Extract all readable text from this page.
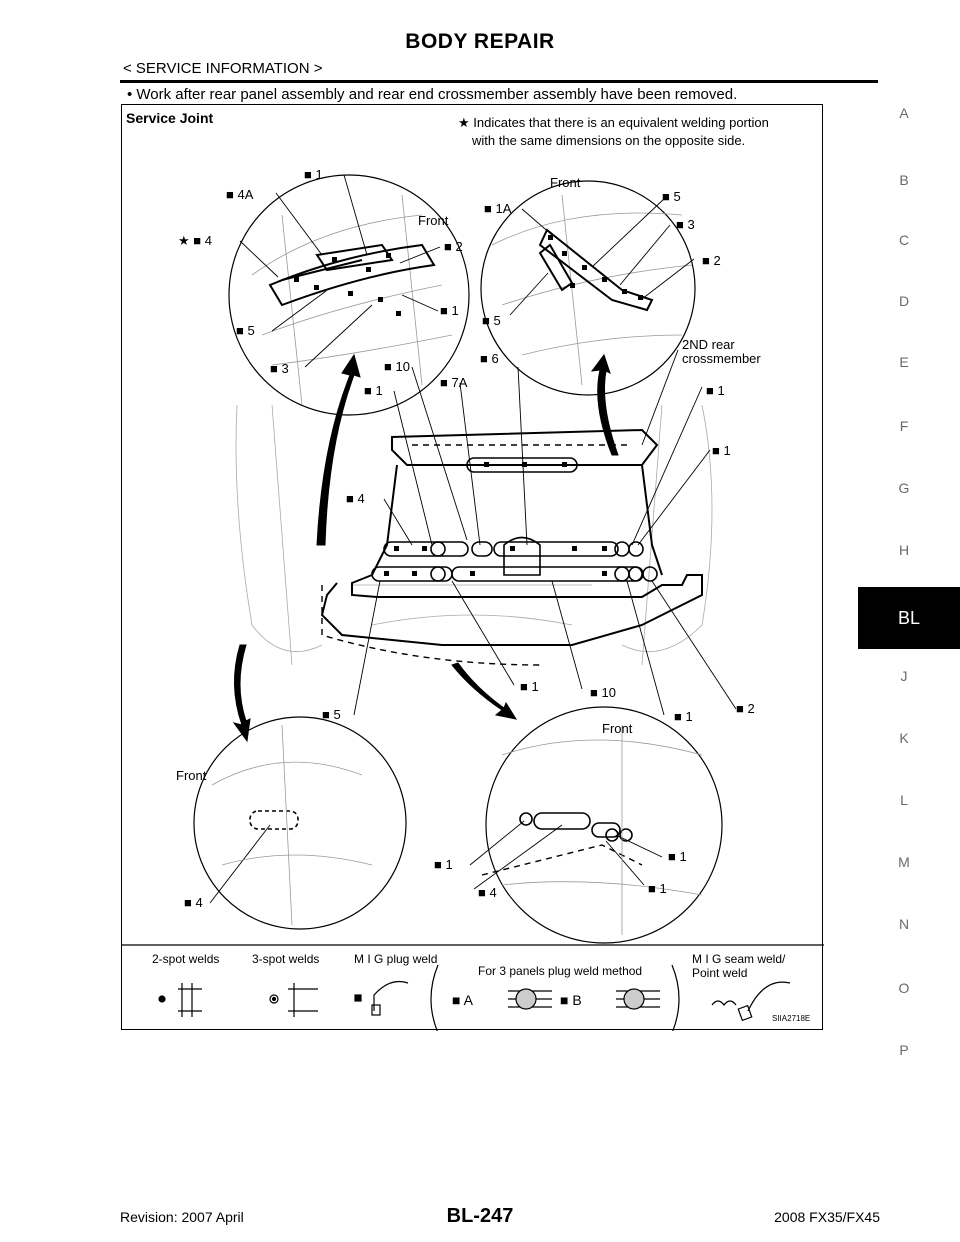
BODY REPAIR
< SERVICE INFORMATION >
• Work after rear panel assembly and rear end crossmember assembly have been removed.
Service Joint	★ Indicates that there is an equivalent welding portion
with the same dimensions on the opposite side.
■ 1
■ 4A
Front
★ ■ 4	■ 2
■ 1
■ 5
■ 3
Front
■ 5
■ 1A
■ 3
■ 2
■ 5
■ 10
■ 6
2ND rear
crossmember
■ 1
■ 7A
■ 1
■ 1
■ 4
■ 1	■ 10
■ 2
■ 5	■ 1
Front
■ 4
Front
■ 1
■ 1
■ 4	■ 1
2-spot welds	3-spot welds	M I G plug weld
For 3 panels plug weld method
M I G seam weld/
Point weld
■ A	■ B
SIIA2718E
A
B
C
D
E
F
G
H
J
K
L
M
N
O
P
BL
Revision: 2007 April	BL-247	2008 FX35/FX45
